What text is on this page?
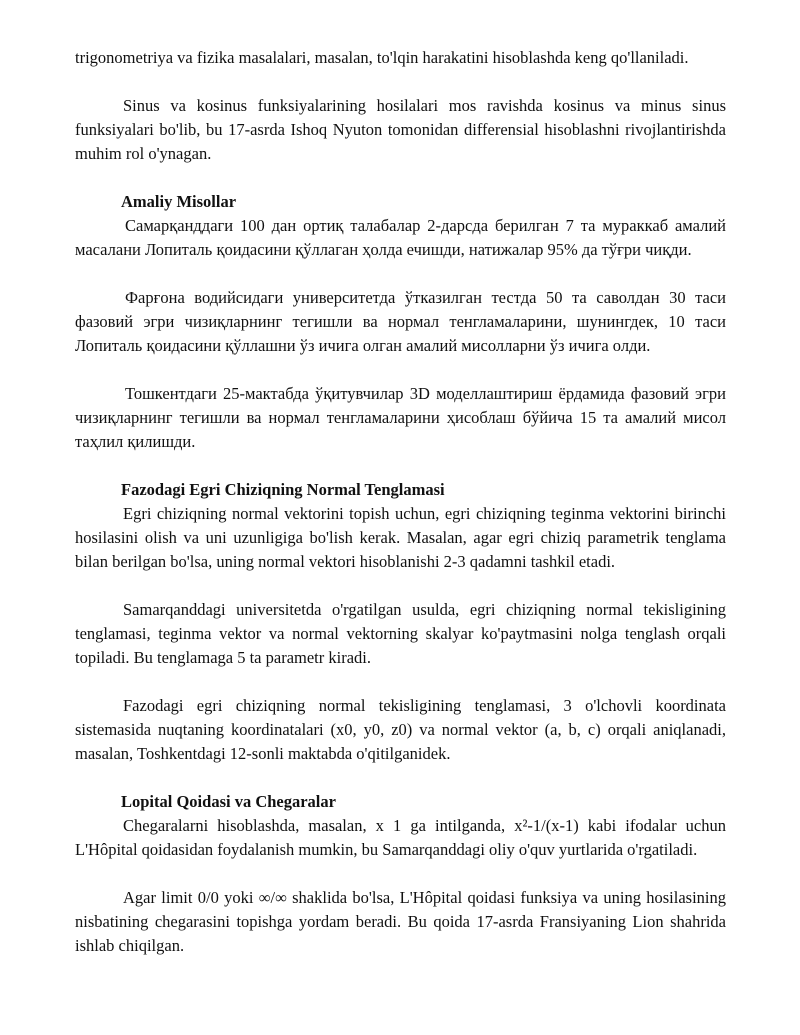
trigonometriya va fizika masalalari, masalan, to'lqin harakatini hisoblashda keng qo'llaniladi.

Sinus va kosinus funksiyalarining hosilalari mos ravishda kosinus va minus sinus funksiyalari bo'lib, bu 17-asrda Ishoq Nyuton tomonidan differensial hisoblashni rivojlantirishda muhim rol o'ynagan.

Amaliy Misollar

Самарқанддаги 100 дан ортиқ талабалар 2-дарсда берилган 7 та мураккаб амалий масалани Лопиталь қоидасини қўллаган ҳолда ечишди, натижалар 95% да тўғри чиқди.

Фарғона водийсидаги университетда ўтказилган тестда 50 та саволдан 30 таси фазовий эгри чизиқларнинг тегишли ва нормал тенгламаларини, шунингдек, 10 таси Лопиталь қоидасини қўллашни ўз ичига олган амалий мисолларни ўз ичига олди.

Тошкентдаги 25-мактабда ўқитувчилар 3D моделлаштириш ёрдамида фазовий эгри чизиқларнинг тегишли ва нормал тенгламаларини ҳисоблаш бўйича 15 та амалий мисол таҳлил қилишди.

Fazodagi Egri Chiziqning Normal Tenglamasi

Egri chiziqning normal vektorini topish uchun, egri chiziqning teginma vektorini birinchi hosilasini olish va uni uzunligiga bo'lish kerak. Masalan, agar egri chiziq parametrik tenglama bilan berilgan bo'lsa, uning normal vektori hisoblanishi 2-3 qadamni tashkil etadi.

Samarqanddagi universitetda o'rgatilgan usulda, egri chiziqning normal tekisligining tenglamasi, teginma vektor va normal vektorning skalyar ko'paytmasini nolga tenglash orqali topiladi. Bu tenglamaga 5 ta parametr kiradi.

Fazodagi egri chiziqning normal tekisligining tenglamasi, 3 o'lchovli koordinata sistemasida nuqtaning koordinatalari (x0, y0, z0) va normal vektor (a, b, c) orqali aniqlanadi, masalan, Toshkentdagi 12-sonli maktabda o'qitilganidek.

Lopital Qoidasi va Chegaralar

Chegaralarni hisoblashda, masalan, x 1 ga intilganda, x²-1/(x-1) kabi ifodalar uchun L'Hôpital qoidasidan foydalanish mumkin, bu Samarqanddagi oliy o'quv yurtlarida o'rgatiladi.

Agar limit 0/0 yoki ∞/∞ shaklida bo'lsa, L'Hôpital qoidasi funksiya va uning hosilasining nisbatining chegarasini topishga yordam beradi. Bu qoida 17-asrda Fransiyaning Lion shahrida ishlab chiqilgan.
